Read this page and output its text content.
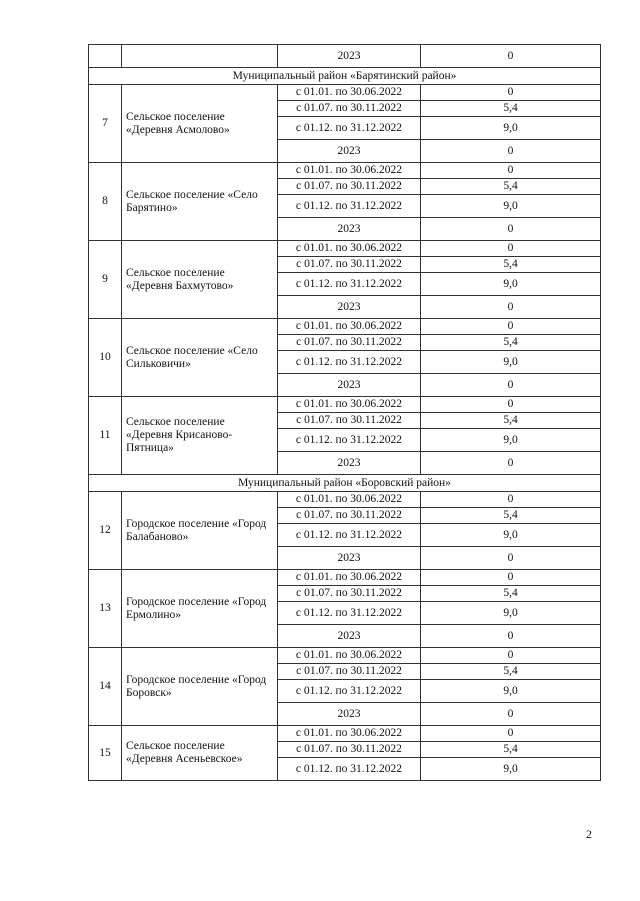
		2023	0
Муниципальный район «Барятинский район»			
7	Сельское поселение «Деревня Асмолово»	с 01.01. по 30.06.2022	0
		с 01.07. по 30.11.2022	5,4
		с 01.12. по 31.12.2022	9,0
		2023	0
8	Сельское поселение «Село Барятино»	с 01.01. по 30.06.2022	0
		с 01.07. по 30.11.2022	5,4
		с 01.12. по 31.12.2022	9,0
		2023	0
9	Сельское поселение «Деревня Бахмутово»	с 01.01. по 30.06.2022	0
		с 01.07. по 30.11.2022	5,4
		с 01.12. по 31.12.2022	9,0
		2023	0
10	Сельское поселение «Село Сильковичи»	с 01.01. по 30.06.2022	0
		с 01.07. по 30.11.2022	5,4
		с 01.12. по 31.12.2022	9,0
		2023	0
11	Сельское поселение «Деревня Крисаново-Пятница»	с 01.01. по 30.06.2022	0
		с 01.07. по 30.11.2022	5,4
		с 01.12. по 31.12.2022	9,0
		2023	0
Муниципальный район «Боровский район»			
12	Городское поселение «Город Балабаново»	с 01.01. по 30.06.2022	0
		с 01.07. по 30.11.2022	5,4
		с 01.12. по 31.12.2022	9,0
		2023	0
13	Городское поселение «Город Ермолино»	с 01.01. по 30.06.2022	0
		с 01.07. по 30.11.2022	5,4
		с 01.12. по 31.12.2022	9,0
		2023	0
14	Городское поселение «Город Боровск»	с 01.01. по 30.06.2022	0
		с 01.07. по 30.11.2022	5,4
		с 01.12. по 31.12.2022	9,0
		2023	0
15	Сельское поселение «Деревня Асеньевское»	с 01.01. по 30.06.2022	0
		с 01.07. по 30.11.2022	5,4
		с 01.12. по 31.12.2022	9,0
2
